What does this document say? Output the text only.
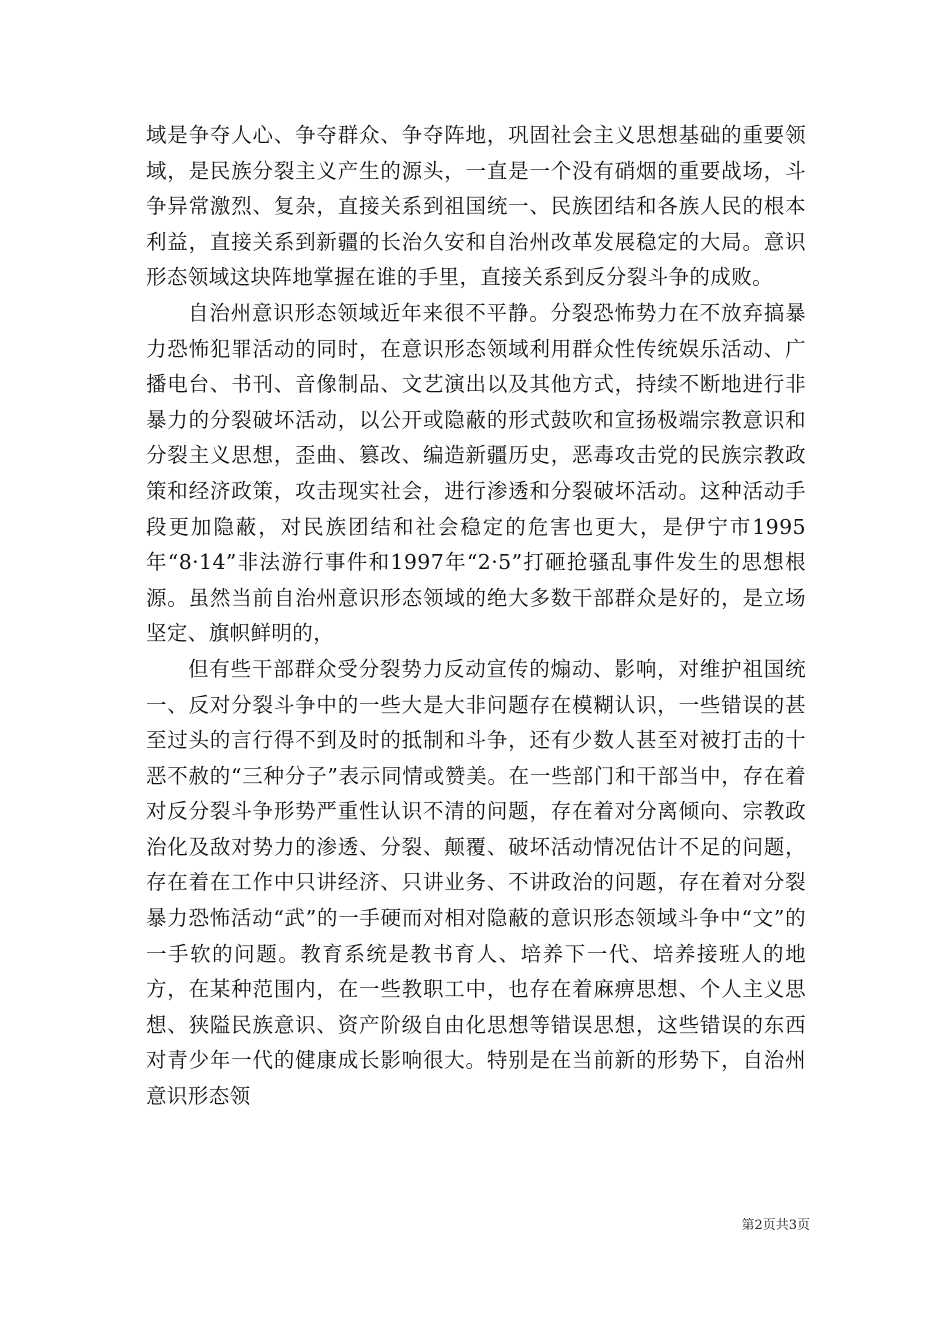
域是争夺人心、争夺群众、争夺阵地，巩固社会主义思想基础的重要领域，是民族分裂主义产生的源头，一直是一个没有硝烟的重要战场，斗争异常激烈、复杂，直接关系到祖国统一、民族团结和各族人民的根本利益，直接关系到新疆的长治久安和自治州改革发展稳定的大局。意识形态领域这块阵地掌握在谁的手里，直接关系到反分裂斗争的成败。

自治州意识形态领域近年来很不平静。分裂恐怖势力在不放弃搞暴力恐怖犯罪活动的同时，在意识形态领域利用群众性传统娱乐活动、广播电台、书刊、音像制品、文艺演出以及其他方式，持续不断地进行非暴力的分裂破坏活动，以公开或隐蔽的形式鼓吹和宣扬极端宗教意识和分裂主义思想，歪曲、篡改、编造新疆历史，恶毒攻击党的民族宗教政策和经济政策，攻击现实社会，进行渗透和分裂破坏活动。这种活动手段更加隐蔽，对民族团结和社会稳定的危害也更大，是伊宁市1995年“8·14”非法游行事件和1997年“2·5”打砸抢骚乱事件发生的思想根源。虽然当前自治州意识形态领域的绝大多数干部群众是好的，是立场坚定、旗帜鲜明的，

但有些干部群众受分裂势力反动宣传的煽动、影响，对维护祖国统一、反对分裂斗争中的一些大是大非问题存在模糊认识，一些错误的甚至过头的言行得不到及时的抵制和斗争，还有少数人甚至对被打击的十恶不赦的“三种分子”表示同情或赞美。在一些部门和干部当中，存在着对反分裂斗争形势严重性认识不清的问题，存在着对分离倾向、宗教政治化及敌对势力的渗透、分裂、颠覆、破坏活动情况估计不足的问题，存在着在工作中只讲经济、只讲业务、不讲政治的问题，存在着对分裂暴力恐怖活动“武”的一手硬而对相对隐蔽的意识形态领域斗争中“文”的一手软的问题。教育系统是教书育人、培养下一代、培养接班人的地方，在某种范围内，在一些教职工中，也存在着麻痹思想、个人主义思想、狭隘民族意识、资产阶级自由化思想等错误思想，这些错误的东西对青少年一代的健康成长影响很大。特别是在当前新的形势下，自治州意识形态领

第2页共3页
